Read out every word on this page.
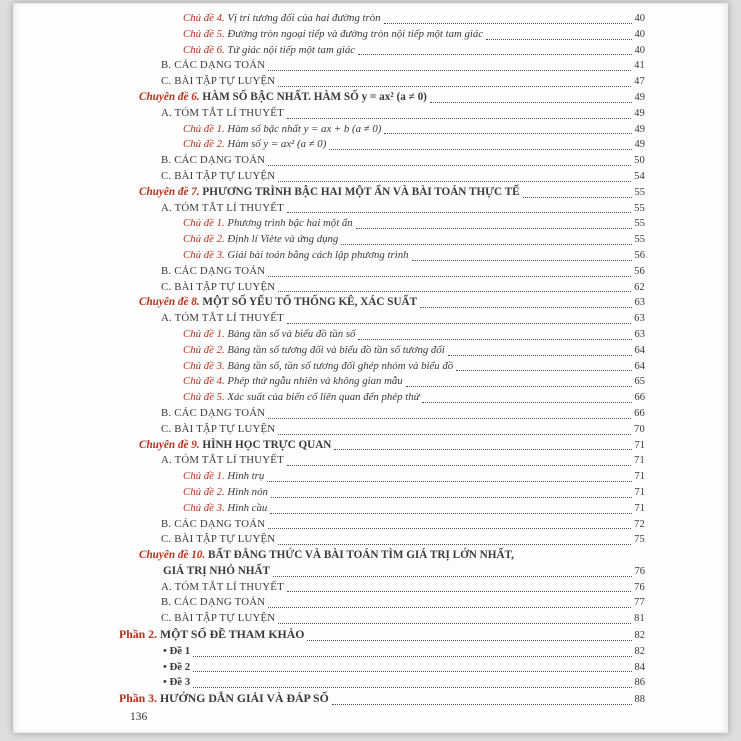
Chủ đề 4. Vị trí tương đối của hai đường tròn	40
Chủ đề 5. Đường tròn ngoại tiếp và đường tròn nội tiếp một tam giác	40
Chủ đề 6. Tứ giác nội tiếp một tam giác	40
B. CÁC DẠNG TOÁN	41
C. BÀI TẬP TỰ LUYỆN	47
Chuyên đề 6. HÀM SỐ BẬC NHẤT. HÀM SỐ y = ax² (a ≠ 0)	49
A. TÓM TẮT LÍ THUYẾT	49
Chủ đề 1. Hàm số bậc nhất y = ax + b (a ≠ 0)	49
Chủ đề 2. Hàm số y = ax² (a ≠ 0)	49
B. CÁC DẠNG TOÁN	50
C. BÀI TẬP TỰ LUYỆN	54
Chuyên đề 7. PHƯƠNG TRÌNH BẬC HAI MỘT ẨN VÀ BÀI TOÁN THỰC TẾ	55
A. TÓM TẮT LÍ THUYẾT	55
Chủ đề 1. Phương trình bậc hai một ẩn	55
Chủ đề 2. Định lí Viète và ứng dụng	55
Chủ đề 3. Giải bài toán bằng cách lập phương trình	56
B. CÁC DẠNG TOÁN	56
C. BÀI TẬP TỰ LUYỆN	62
Chuyên đề 8. MỘT SỐ YẾU TỐ THỐNG KÊ, XÁC SUẤT	63
A. TÓM TẮT LÍ THUYẾT	63
Chủ đề 1. Bảng tần số và biểu đồ tần số	63
Chủ đề 2. Bảng tần số tương đối và biểu đồ tần số tương đối	64
Chủ đề 3. Bảng tần số, tần số tương đối ghép nhóm và biểu đồ	64
Chủ đề 4. Phép thử ngẫu nhiên và không gian mẫu	65
Chủ đề 5. Xác suất của biến cố liên quan đến phép thử	66
B. CÁC DẠNG TOÁN	66
C. BÀI TẬP TỰ LUYỆN	70
Chuyên đề 9. HÌNH HỌC TRỰC QUAN	71
A. TÓM TẮT LÍ THUYẾT	71
Chủ đề 1. Hình trụ	71
Chủ đề 2. Hình nón	71
Chủ đề 3. Hình cầu	71
B. CÁC DẠNG TOÁN	72
C. BÀI TẬP TỰ LUYỆN	75
Chuyên đề 10. BẤT ĐẲNG THỨC VÀ BÀI TOÁN TÌM GIÁ TRỊ LỚN NHẤT,
GIÁ TRỊ NHỎ NHẤT	76
A. TÓM TẮT LÍ THUYẾT	76
B. CÁC DẠNG TOÁN	77
C. BÀI TẬP TỰ LUYỆN	81
Phần 2. MỘT SỐ ĐỀ THAM KHẢO	82
• Đề 1	82
• Đề 2	84
• Đề 3	86
Phần 3. HƯỚNG DẪN GIẢI VÀ ĐÁP SỐ	88
136
